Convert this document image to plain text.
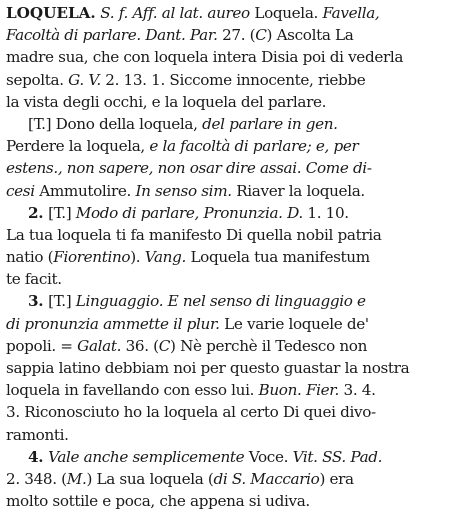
LOQUELA. S. f. Aff. al lat. aureo Loquela. Favella,
Facoltà di parlare. Dant. Par. 27. (C) Ascolta La
madre sua, che con loquela intera Disia poi di vederla
sepolta. G. V. 2. 13. 1. Siccome innocente, riebbe
la vista degli occhi, e la loquela del parlare.
[T.] Dono della loquela, del parlare in gen.
Perdere la loquela, e la facoltà di parlare; e, per
estens., non sapere, non osar dire assai. Come di-
cesi Ammutolire. In senso sim. Riaver la loquela.
2. [T.] Modo di parlare, Pronunzia. D. 1. 10.
La tua loquela ti fa manifesto Di quella nobil patria
natio (Fiorentino). Vang. Loquela tua manifestum
te facit.
3. [T.] Linguaggio. E nel senso di linguaggio e
di pronunzia ammette il plur. Le varie loquele de'
popoli. = Galat. 36. (C) Nè perchè il Tedesco non
sappia latino debbiam noi per questo guastar la nostra
loquela in favellando con esso lui. Buon. Fier. 3. 4.
3. Riconosciuto ho la loquela al certo Di quei divo-
ramonti.
4. Vale anche semplicemente Voce. Vit. SS. Pad.
2. 348. (M.) La sua loquela (di S. Maccario) era
molto sottile e poca, che appena si udiva.
